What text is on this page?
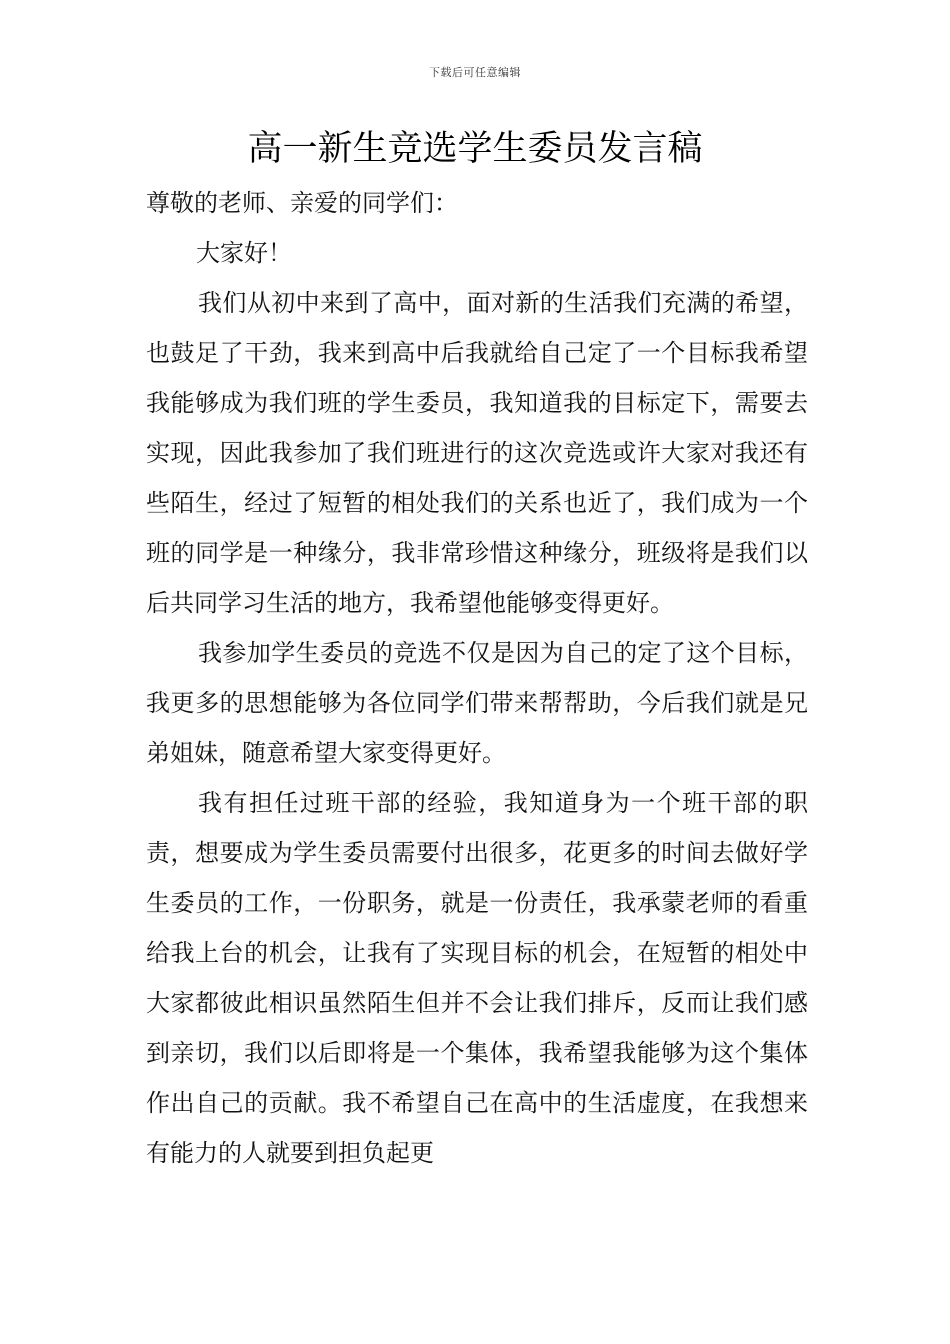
下载后可任意编辑
高一新生竞选学生委员发言稿

尊敬的老师、亲爱的同学们：

大家好！

我们从初中来到了高中，面对新的生活我们充满的希望，也鼓足了干劲，我来到高中后我就给自己定了一个目标我希望我能够成为我们班的学生委员，我知道我的目标定下，需要去实现，因此我参加了我们班进行的这次竞选或许大家对我还有些陌生，经过了短暂的相处我们的关系也近了，我们成为一个班的同学是一种缘分，我非常珍惜这种缘分，班级将是我们以后共同学习生活的地方，我希望他能够变得更好。

我参加学生委员的竞选不仅是因为自己的定了这个目标，我更多的思想能够为各位同学们带来帮帮助，今后我们就是兄弟姐妹，随意希望大家变得更好。

我有担任过班干部的经验，我知道身为一个班干部的职责，想要成为学生委员需要付出很多，花更多的时间去做好学生委员的工作，一份职务，就是一份责任，我承蒙老师的看重给我上台的机会，让我有了实现目标的机会，在短暂的相处中大家都彼此相识虽然陌生但并不会让我们排斥，反而让我们感到亲切，我们以后即将是一个集体，我希望我能够为这个集体作出自己的贡献。我不希望自己在高中的生活虚度，在我想来有能力的人就要到担负起更
